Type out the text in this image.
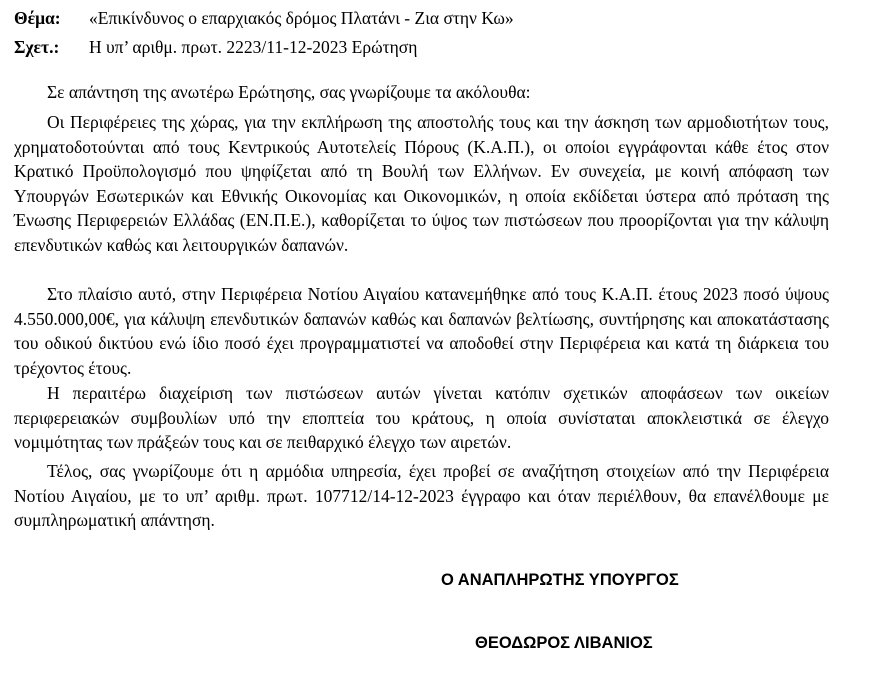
Θέμα: «Επικίνδυνος ο επαρχιακός δρόμος Πλατάνι - Ζια στην Κω»
Σχετ.: Η υπ’ αριθμ. πρωτ. 2223/11-12-2023 Ερώτηση

Σε απάντηση της ανωτέρω Ερώτησης, σας γνωρίζουμε τα ακόλουθα:

Οι Περιφέρειες της χώρας, για την εκπλήρωση της αποστολής τους και την άσκηση των αρμοδιοτήτων τους, χρηματοδοτούνται από τους Κεντρικούς Αυτοτελείς Πόρους (Κ.Α.Π.), οι οποίοι εγγράφονται κάθε έτος στον Κρατικό Προϋπολογισμό που ψηφίζεται από τη Βουλή των Ελλήνων. Εν συνεχεία, με κοινή απόφαση των Υπουργών Εσωτερικών και Εθνικής Οικονομίας και Οικονομικών, η οποία εκδίδεται ύστερα από πρόταση της Ένωσης Περιφερειών Ελλάδας (ΕΝ.Π.Ε.), καθορίζεται το ύψος των πιστώσεων που προορίζονται για την κάλυψη επενδυτικών καθώς και λειτουργικών δαπανών.

Στο πλαίσιο αυτό, στην Περιφέρεια Νοτίου Αιγαίου κατανεμήθηκε από τους Κ.Α.Π. έτους 2023 ποσό ύψους 4.550.000,00€, για κάλυψη επενδυτικών δαπανών καθώς και δαπανών βελτίωσης, συντήρησης και αποκατάστασης του οδικού δικτύου ενώ ίδιο ποσό έχει προγραμματιστεί να αποδοθεί στην Περιφέρεια και κατά τη διάρκεια του τρέχοντος έτους.

Η περαιτέρω διαχείριση των πιστώσεων αυτών γίνεται κατόπιν σχετικών αποφάσεων των οικείων περιφερειακών συμβουλίων υπό την εποπτεία του κράτους, η οποία συνίσταται αποκλειστικά σε έλεγχο νομιμότητας των πράξεών τους και σε πειθαρχικό έλεγχο των αιρετών.

Τέλος, σας γνωρίζουμε ότι η αρμόδια υπηρεσία, έχει προβεί σε αναζήτηση στοιχείων από την Περιφέρεια Νοτίου Αιγαίου, με το υπ’ αριθμ. πρωτ. 107712/14-12-2023 έγγραφο και όταν περιέλθουν, θα επανέλθουμε με συμπληρωματική απάντηση.

Ο ΑΝΑΠΛΗΡΩΤΗΣ ΥΠΟΥΡΓΟΣ
ΘΕΟΔΩΡΟΣ ΛΙΒΑΝΙΟΣ
